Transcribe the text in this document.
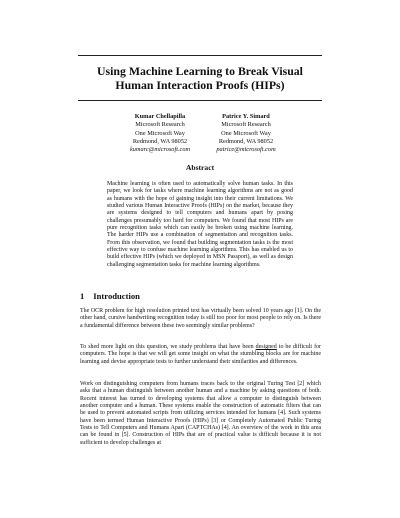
Using Machine Learning to Break Visual
Human Interaction Proofs (HIPs)
Kumar Chellapilla
Microsoft Research
One Microsoft Way
Redmond, WA 98052
kumarc@microsoft.com
Patrice Y. Simard
Microsoft Research
One Microsoft Way
Redmond, WA 98052
patrice@microsoft.com
Abstract
Machine learning is often used to automatically solve human tasks. In this paper, we look for tasks where machine learning algorithms are not as good as humans with the hope of gaining insight into their current limitations. We studied various Human Interactive Proofs (HIPs) on the market, because they are systems designed to tell computers and humans apart by posing challenges presumably too hard for computers. We found that most HIPs are pure recognition tasks which can easily be broken using machine learning. The harder HIPs use a combination of segmentation and recognition tasks. From this observation, we found that building segmentation tasks is the most effective way to confuse machine learning algorithms. This has enabled us to build effective HIPs (which we deployed in MSN Passport), as well as design challenging segmentation tasks for machine learning algorithms.
1 Introduction
The OCR problem for high resolution printed text has virtually been solved 10 years ago [1]. On the other hand, cursive handwriting recognition today is still too poor for most people to rely on. Is there a fundamental difference between these two seemingly similar problems?
To shed more light on this question, we study problems that have been designed to be difficult for computers. The hope is that we will get some insight on what the stumbling blocks are for machine learning and devise appropriate tests to further understand their similarities and differences.
Work on distinguishing computers from humans traces back to the original Turing Test [2] which asks that a human distinguish between another human and a machine by asking questions of both. Recent interest has turned to developing systems that allow a computer to distinguish between another computer and a human. These systems enable the construction of automatic filters that can be used to prevent automated scripts from utilizing services intended for humans [4]. Such systems have been termed Human Interactive Proofs (HIPs) [3] or Completely Automated Public Turing Tests to Tell Computers and Humans Apart (CAPTCHAs) [4]. An overview of the work in this area can be found in [5]. Construction of HIPs that are of practical value is difficult because it is not sufficient to develop challenges at
